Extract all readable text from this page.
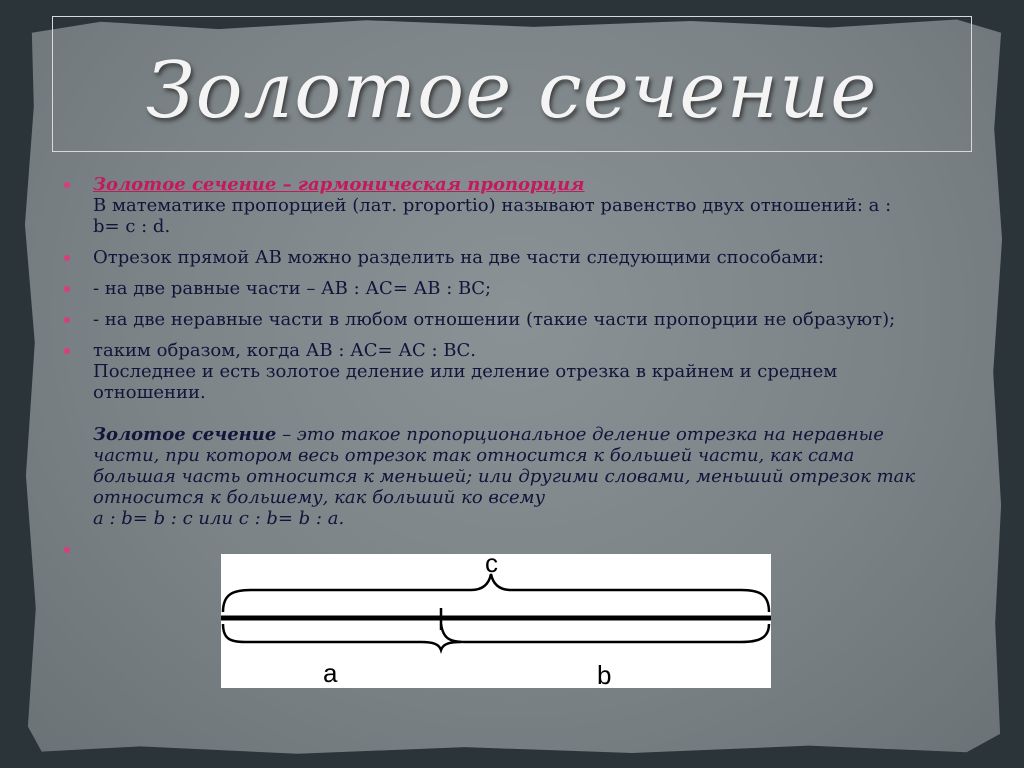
Золотое сечение
Золотое сечение – гармоническая пропорция
В математике пропорцией (лат. proportio) называют равенство двух отношений: a :
b= c : d.
Отрезок прямой АВ можно разделить на две части следующими способами:
- на две равные части – АВ : АС= АВ : ВС;
- на две неравные части в любом отношении (такие части пропорции не образуют);
таким образом, когда АВ : АС= АС : ВС.
Последнее и есть золотое деление или деление отрезка в крайнем и среднем
отношении.
Золотое сечение – это такое пропорциональное деление отрезка на неравные
части, при котором весь отрезок так относится к большей части, как сама
большая часть относится к меньшей; или другими словами, меньший отрезок так
относится к большему, как больший ко всему
a : b= b : c или с : b= b : а.
c
a	b
